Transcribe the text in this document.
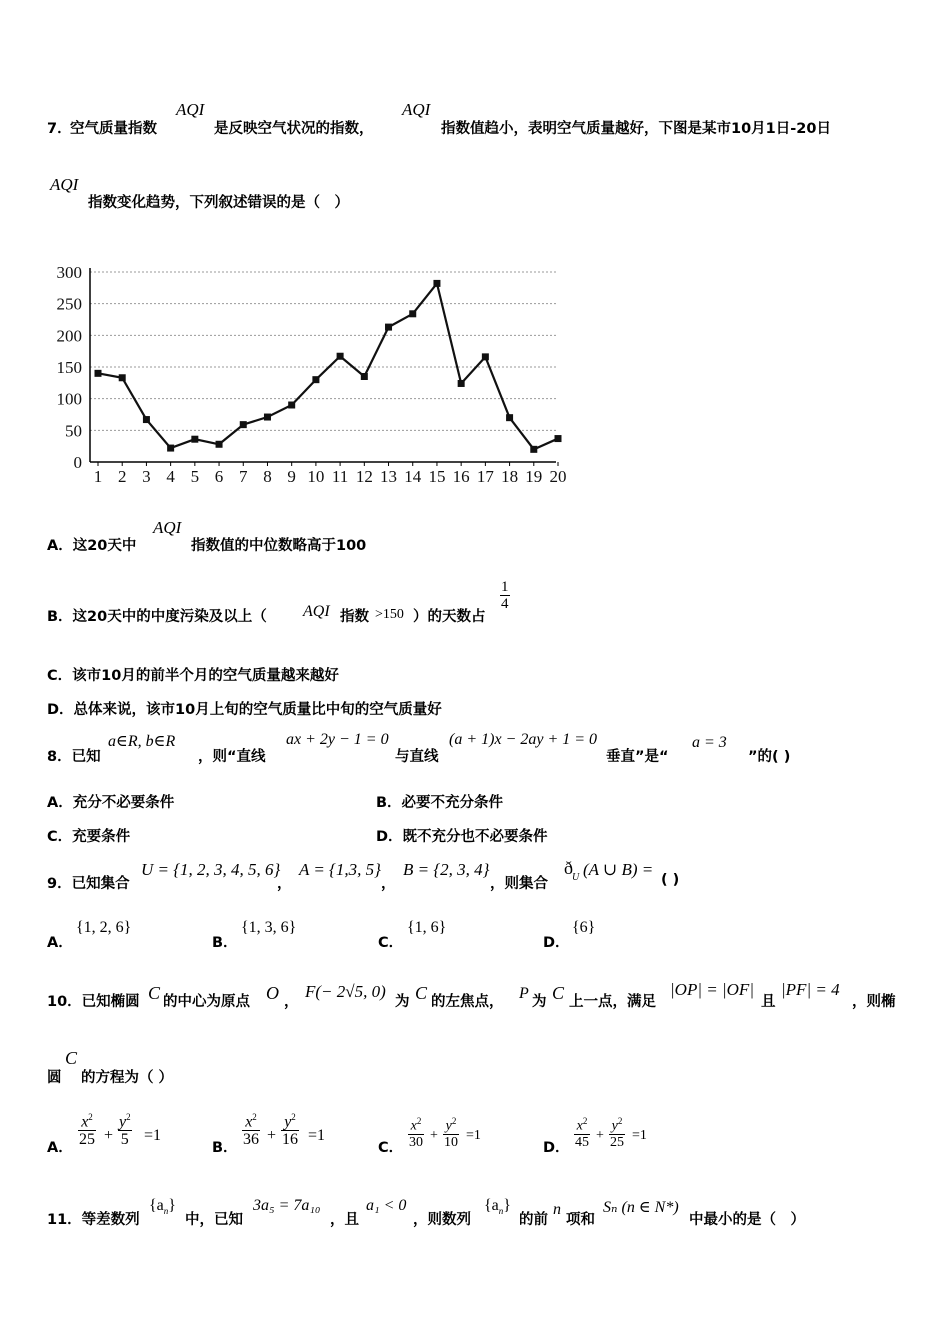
7．
空气质量指数
AQI
是反映空气状况的指数，
AQI
指数值趋小，表明空气质量越好，下图是某市10月1日-20日
AQI
指数变化趋势，下列叙述错误的是（　）
0
50
100
150
200
250
300
1 2 3 4 5 6 7 8 9 10 11 12 13 14 15 16 17 18 19 20
A．这20天中
AQI
指数值的中位数略高于100
B．这20天中的中度污染及以上（ AQI 指数 >150 ）的天数占
$\frac{1}{4}$
C．该市10月的前半个月的空气质量越来越好
D．总体来说，该市10月上旬的空气质量比中旬的空气质量好
8．已知
a∈R, b∈R
，则“直线
ax + 2y − 1 = 0
与直线
(a + 1)x − 2ay + 1 = 0
垂直”是“
a = 3
”的( )
A．充分不必要条件	B．必要不充分条件
C．充要条件	D．既不充分也不必要条件
9．已知集合
U = {1, 2, 3, 4, 5, 6}
，
A = {1,3, 5}
，
B = {2, 3, 4}
，则集合
ð U (A ∪ B) =
( )
A．
{1, 2, 6}
B．
{1, 3, 6}
C．
{1, 6}
D．
{6}
10．已知椭圆 C 的中心为原点 O ，
F(− 2√5, 0)
为 C 的左焦点， P 为 C 上一点，满足
|OP| = |OF|
且
|PF| = 4
，则椭
圆
C
的方程为（ ）
A． $\frac{x^2}{25} + \frac{y^2}{5} =1$
B． $\frac{x^2}{36} + \frac{y^2}{16} =1$
C． $\frac{x^2}{30} + \frac{y^2}{10} =1$
D． $\frac{x^2}{45} + \frac{y^2}{25} =1$
11．等差数列
$\{a_n\}$
中，已知
3a₅ = 7a₁₀
，且
a₁ < 0
，则数列
$\{a_n\}$
的前
n
项和
Sₙ (n ∈ N*)
中最小的是（　）
